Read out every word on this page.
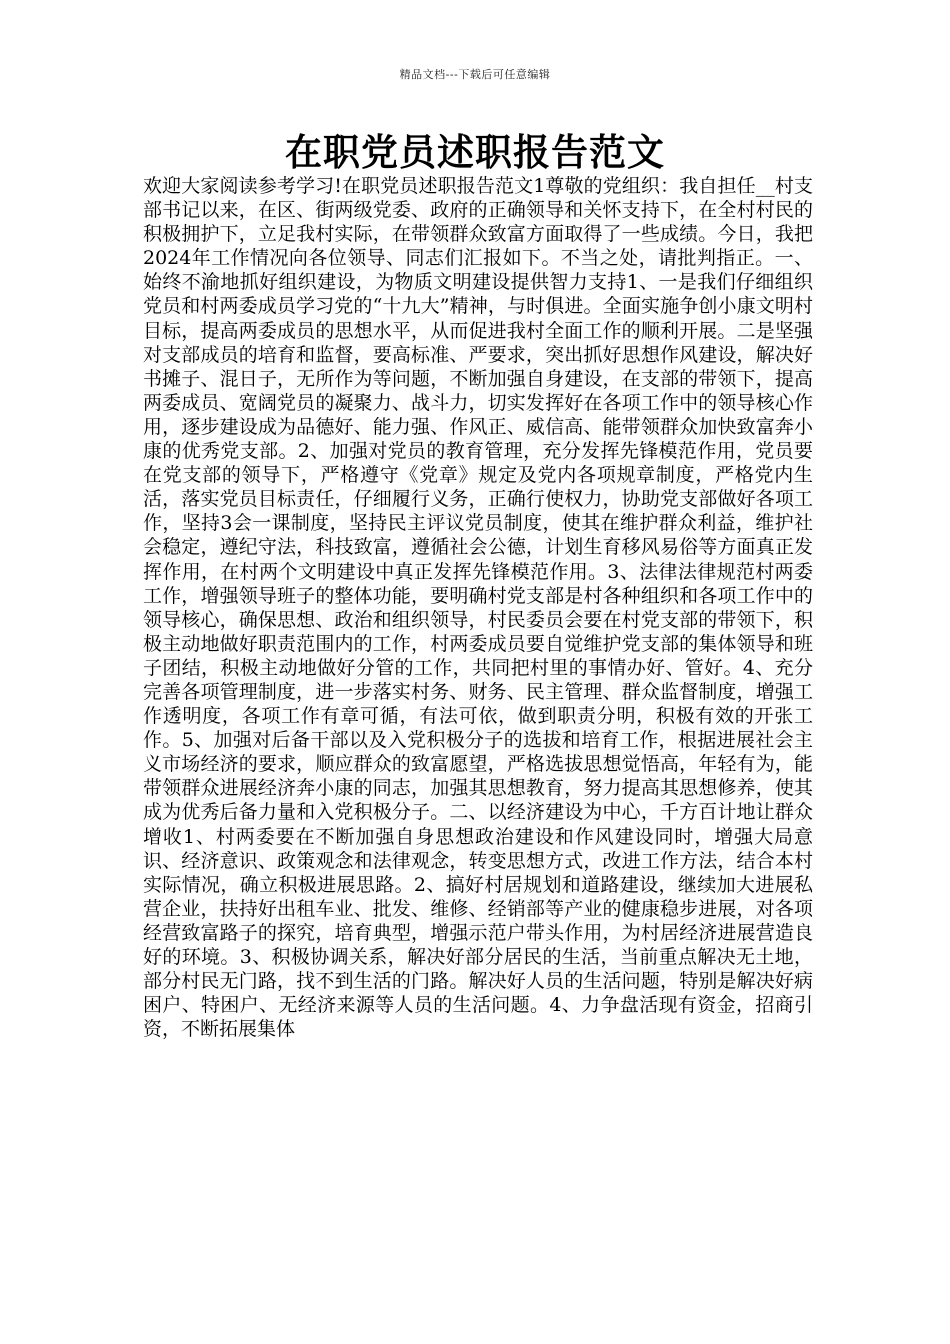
精品文档---下载后可任意编辑
在职党员述职报告范文

欢迎大家阅读参考学习!在职党员述职报告范文1尊敬的党组织：我自担任__村支部书记以来，在区、街两级党委、政府的正确领导和关怀支持下，在全村村民的积极拥护下，立足我村实际，在带领群众致富方面取得了一些成绩。今日，我把2024年工作情况向各位领导、同志们汇报如下。不当之处，请批判指正。一、始终不渝地抓好组织建设，为物质文明建设提供智力支持1、一是我们仔细组织党员和村两委成员学习党的“十九大”精神，与时俱进。全面实施争创小康文明村目标，提高两委成员的思想水平，从而促进我村全面工作的顺利开展。二是坚强对支部成员的培育和监督，要高标准、严要求，突出抓好思想作风建设，解决好书摊子、混日子，无所作为等问题，不断加强自身建设，在支部的带领下，提高两委成员、宽阔党员的凝聚力、战斗力，切实发挥好在各项工作中的领导核心作用，逐步建设成为品德好、能力强、作风正、威信高、能带领群众加快致富奔小康的优秀党支部。2、加强对党员的教育管理，充分发挥先锋模范作用，党员要在党支部的领导下，严格遵守《党章》规定及党内各项规章制度，严格党内生活，落实党员目标责任，仔细履行义务，正确行使权力，协助党支部做好各项工作，坚持3会一课制度，坚持民主评议党员制度，使其在维护群众利益，维护社会稳定，遵纪守法，科技致富，遵循社会公德，计划生育移风易俗等方面真正发挥作用，在村两个文明建设中真正发挥先锋模范作用。3、法律法律规范村两委工作，增强领导班子的整体功能，要明确村党支部是村各种组织和各项工作中的领导核心，确保思想、政治和组织领导，村民委员会要在村党支部的带领下，积极主动地做好职责范围内的工作，村两委成员要自觉维护党支部的集体领导和班子团结，积极主动地做好分管的工作，共同把村里的事情办好、管好。4、充分完善各项管理制度，进一步落实村务、财务、民主管理、群众监督制度，增强工作透明度，各项工作有章可循，有法可依，做到职责分明，积极有效的开张工作。5、加强对后备干部以及入党积极分子的选拔和培育工作，根据进展社会主义市场经济的要求，顺应群众的致富愿望，严格选拔思想觉悟高，年轻有为，能带领群众进展经济奔小康的同志，加强其思想教育，努力提高其思想修养，使其成为优秀后备力量和入党积极分子。二、以经济建设为中心，千方百计地让群众增收1、村两委要在不断加强自身思想政治建设和作风建设同时，增强大局意识、经济意识、政策观念和法律观念，转变思想方式，改进工作方法，结合本村实际情况，确立积极进展思路。2、搞好村居规划和道路建设，继续加大进展私营企业，扶持好出租车业、批发、维修、经销部等产业的健康稳步进展，对各项经营致富路子的探究，培育典型，增强示范户带头作用，为村居经济进展营造良好的环境。3、积极协调关系，解决好部分居民的生活，当前重点解决无土地，部分村民无门路，找不到生活的门路。解决好人员的生活问题，特别是解决好病困户、特困户、无经济来源等人员的生活问题。4、力争盘活现有资金，招商引资，不断拓展集体
